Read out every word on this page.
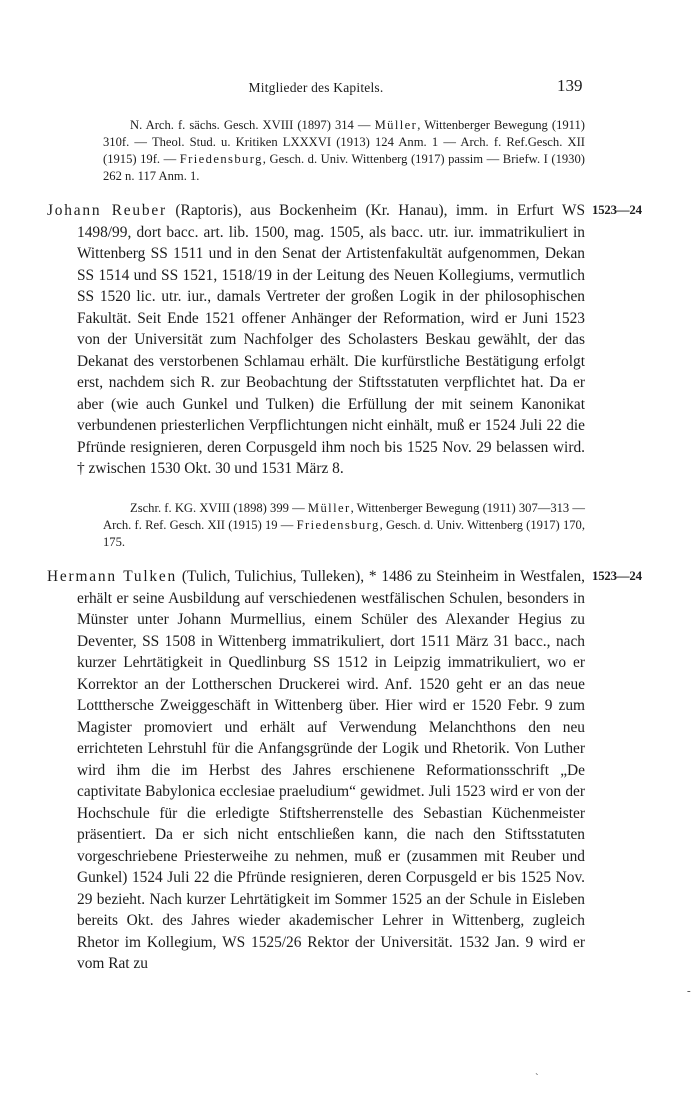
Mitglieder des Kapitels.	139

N. Arch. f. sächs. Gesch. XVIII (1897) 314 — Müller, Wittenberger Bewegung (1911) 310f. — Theol. Stud. u. Kritiken LXXXVI (1913) 124 Anm. 1 — Arch. f. Ref.Gesch. XII (1915) 19f. — Friedensburg, Gesch. d. Univ. Wittenberg (1917) passim — Briefw. I (1930) 262 n. 117 Anm. 1.

Johann Reuber (Raptoris), aus Bockenheim (Kr. Hanau), imm. in Erfurt WS 1498/99, dort bacc. art. lib. 1500, mag. 1505, als bacc. utr. iur. immatrikuliert in Wittenberg SS 1511 und in den Senat der Artistenfakultät aufgenommen, Dekan SS 1514 und SS 1521, 1518/19 in der Leitung des Neuen Kollegiums, vermutlich SS 1520 lic. utr. iur., damals Vertreter der großen Logik in der philosophischen Fakultät. Seit Ende 1521 offener Anhänger der Reformation, wird er Juni 1523 von der Universität zum Nachfolger des Scholasters Beskau gewählt, der das Dekanat des verstorbenen Schlamau erhält. Die kurfürstliche Bestätigung erfolgt erst, nachdem sich R. zur Beobachtung der Stiftsstatuten verpflichtet hat. Da er aber (wie auch Gunkel und Tulken) die Erfüllung der mit seinem Kanonikat verbundenen priesterlichen Verpflichtungen nicht einhält, muß er 1524 Juli 22 die Pfründe resignieren, deren Corpusgeld ihm noch bis 1525 Nov. 29 belassen wird. † zwischen 1530 Okt. 30 und 1531 März 8.

1523—24

Zschr. f. KG. XVIII (1898) 399 — Müller, Wittenberger Bewegung (1911) 307—313 — Arch. f. Ref. Gesch. XII (1915) 19 — Friedensburg, Gesch. d. Univ. Wittenberg (1917) 170, 175.

Hermann Tulken (Tulich, Tulichius, Tulleken), * 1486 zu Steinheim in Westfalen, erhält er seine Ausbildung auf verschiedenen westfälischen Schulen, besonders in Münster unter Johann Murmellius, einem Schüler des Alexander Hegius zu Deventer, SS 1508 in Wittenberg immatrikuliert, dort 1511 März 31 bacc., nach kurzer Lehrtätigkeit in Quedlinburg SS 1512 in Leipzig immatrikuliert, wo er Korrektor an der Lottherschen Druckerei wird. Anf. 1520 geht er an das neue Lottthersche Zweiggeschäft in Wittenberg über. Hier wird er 1520 Febr. 9 zum Magister promoviert und erhält auf Verwendung Melanchthons den neu errichteten Lehrstuhl für die Anfangsgründe der Logik und Rhetorik. Von Luther wird ihm die im Herbst des Jahres erschienene Reformationsschrift „De captivitate Babylonica ecclesiae praeludium“ gewidmet. Juli 1523 wird er von der Hochschule für die erledigte Stiftsherrenstelle des Sebastian Küchenmeister präsentiert. Da er sich nicht entschließen kann, die nach den Stiftsstatuten vorgeschriebene Priesterweihe zu nehmen, muß er (zusammen mit Reuber und Gunkel) 1524 Juli 22 die Pfründe resignieren, deren Corpusgeld er bis 1525 Nov. 29 bezieht. Nach kurzer Lehrtätigkeit im Sommer 1525 an der Schule in Eisleben bereits Okt. des Jahres wieder akademischer Lehrer in Wittenberg, zugleich Rhetor im Kollegium, WS 1525/26 Rektor der Universität. 1532 Jan. 9 wird er vom Rat zu

1523—24
-
`
